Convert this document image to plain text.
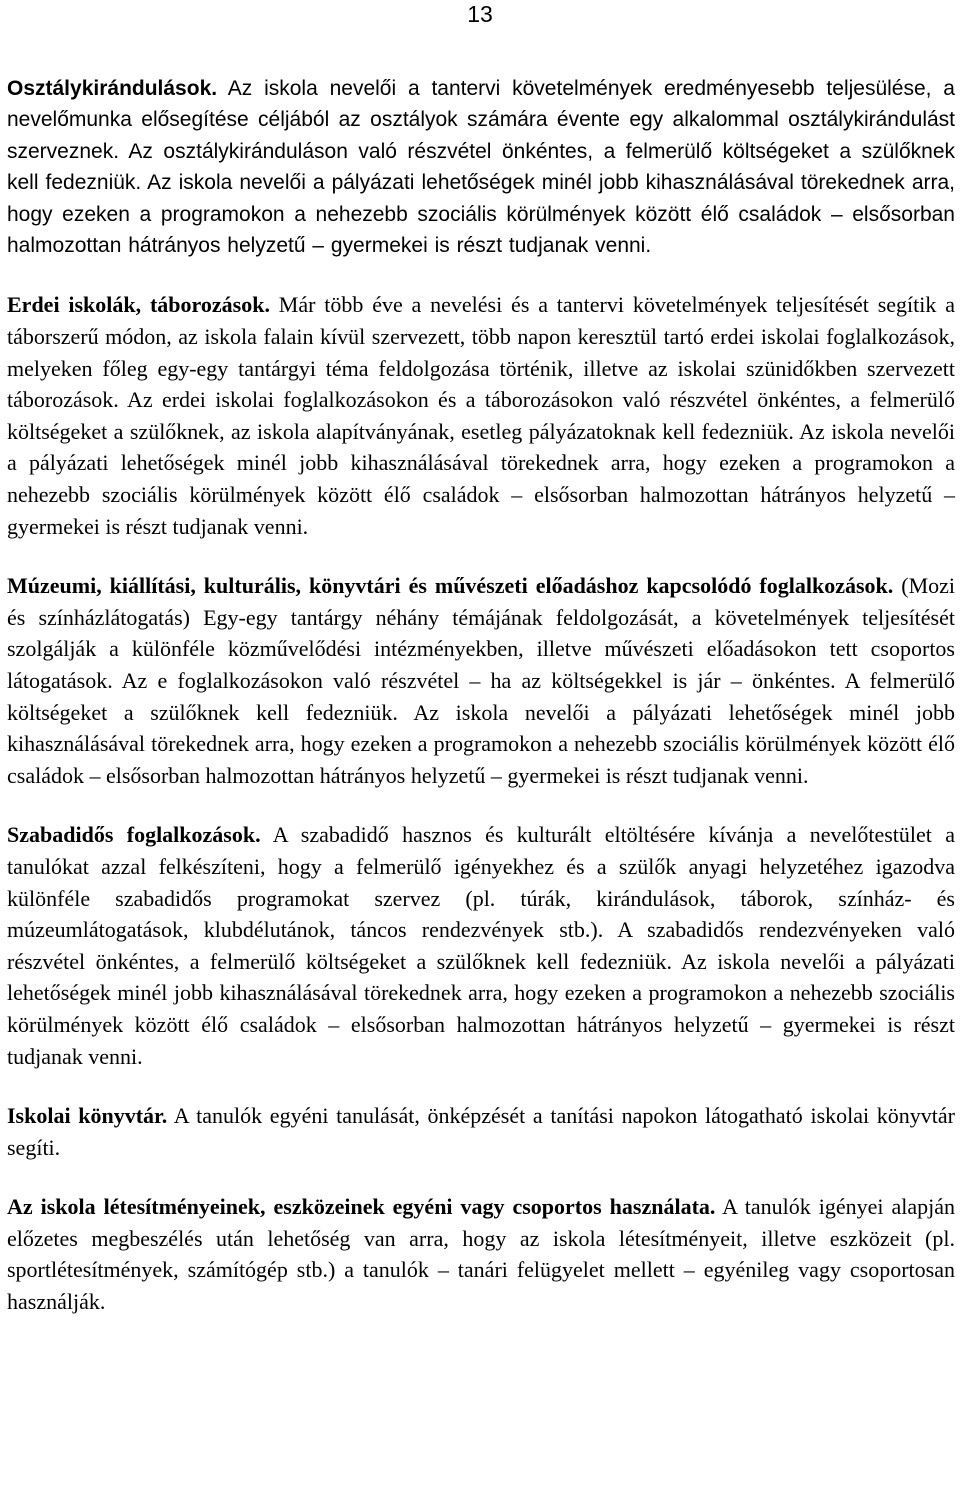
13

Osztálykirándulások. Az iskola nevelői a tantervi követelmények eredményesebb teljesülése, a nevelőmunka elősegítése céljából az osztályok számára évente egy alkalommal osztálykirándulást szerveznek. Az osztálykiránduláson való részvétel önkéntes, a felmerülő költségeket a szülőknek kell fedezniük. Az iskola nevelői a pályázati lehetőségek minél jobb kihasználásával törekednek arra, hogy ezeken a programokon a nehezebb szociális körülmények között élő családok – elsősorban halmozottan hátrányos helyzetű – gyermekei is részt tudjanak venni.

Erdei iskolák, táborozások. Már több éve a nevelési és a tantervi követelmények teljesítését segítik a táborszerű módon, az iskola falain kívül szervezett, több napon keresztül tartó erdei iskolai foglalkozások, melyeken főleg egy-egy tantárgyi téma feldolgozása történik, illetve az iskolai szünidőkben szervezett táborozások. Az erdei iskolai foglalkozásokon és a táborozásokon való részvétel önkéntes, a felmerülő költségeket a szülőknek, az iskola alapítványának, esetleg pályázatoknak kell fedezniük. Az iskola nevelői a pályázati lehetőségek minél jobb kihasználásával törekednek arra, hogy ezeken a programokon a nehezebb szociális körülmények között élő családok – elsősorban halmozottan hátrányos helyzetű – gyermekei is részt tudjanak venni.

Múzeumi, kiállítási, kulturális, könyvtári és művészeti előadáshoz kapcsolódó foglalkozások. (Mozi és színházlátogatás) Egy-egy tantárgy néhány témájának feldolgozását, a követelmények teljesítését szolgálják a különféle közművelődési intézményekben, illetve művészeti előadásokon tett csoportos látogatások. Az e foglalkozásokon való részvétel – ha az költségekkel is jár – önkéntes. A felmerülő költségeket a szülőknek kell fedezniük. Az iskola nevelői a pályázati lehetőségek minél jobb kihasználásával törekednek arra, hogy ezeken a programokon a nehezebb szociális körülmények között élő családok – elsősorban halmozottan hátrányos helyzetű – gyermekei is részt tudjanak venni.

Szabadidős foglalkozások. A szabadidő hasznos és kulturált eltöltésére kívánja a nevelőtestület a tanulókat azzal felkészíteni, hogy a felmerülő igényekhez és a szülők anyagi helyzetéhez igazodva különféle szabadidős programokat szervez (pl. túrák, kirándulások, táborok, színház- és múzeumlátogatások, klubdélutánok, táncos rendezvények stb.). A szabadidős rendezvényeken való részvétel önkéntes, a felmerülő költségeket a szülőknek kell fedezniük. Az iskola nevelői a pályázati lehetőségek minél jobb kihasználásával törekednek arra, hogy ezeken a programokon a nehezebb szociális körülmények között élő családok – elsősorban halmozottan hátrányos helyzetű – gyermekei is részt tudjanak venni.

Iskolai könyvtár. A tanulók egyéni tanulását, önképzését a tanítási napokon látogatható iskolai könyvtár segíti.

Az iskola létesítményeinek, eszközeinek egyéni vagy csoportos használata. A tanulók igényei alapján előzetes megbeszélés után lehetőség van arra, hogy az iskola létesítményeit, illetve eszközeit (pl. sportlétesítmények, számítógép stb.) a tanulók – tanári felügyelet mellett – egyénileg vagy csoportosan használják.
